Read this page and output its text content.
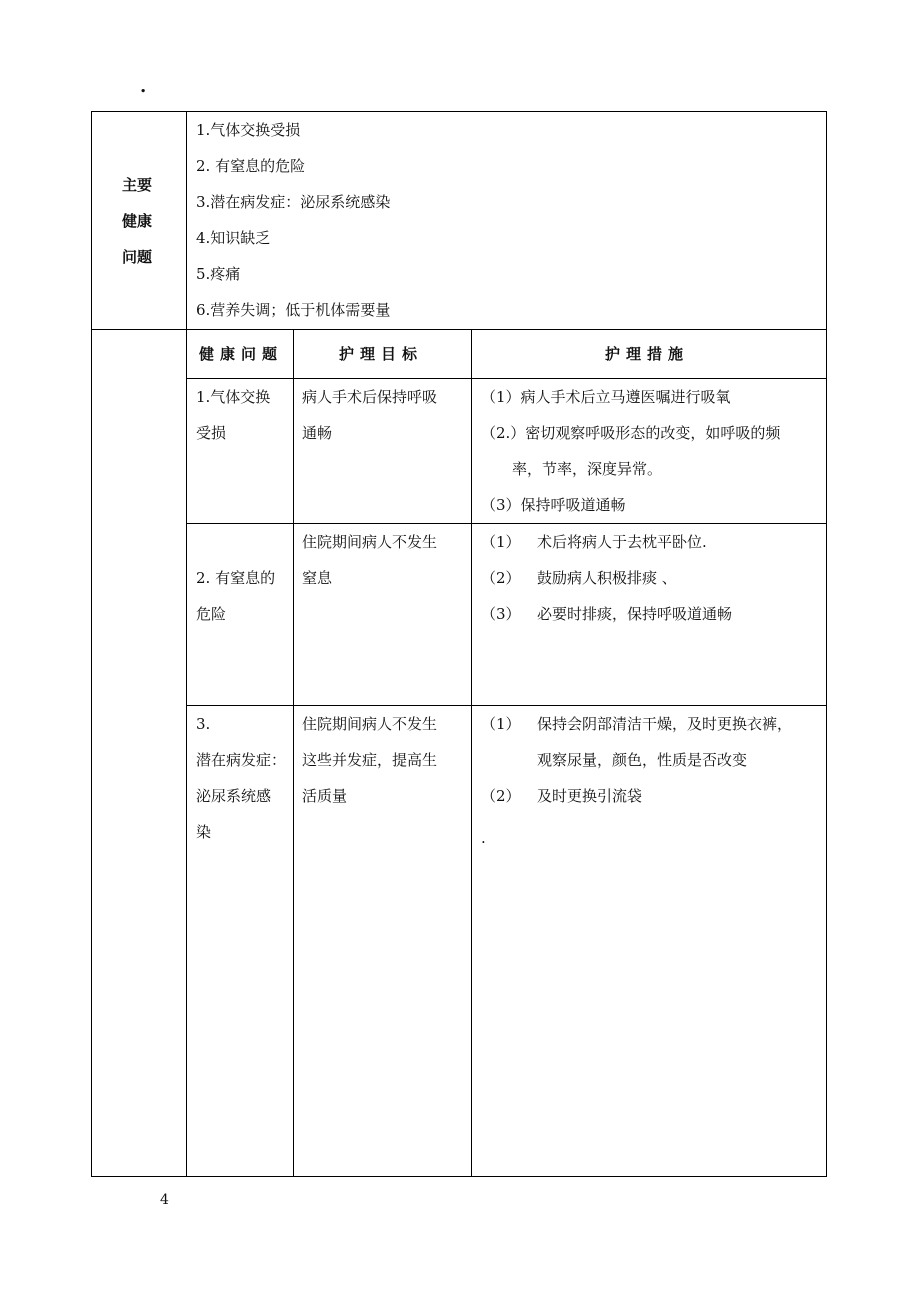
.
主要
健康
问题
1.气体交换受损
2. 有窒息的危险
3.潜在病发症：泌尿系统感染
4.知识缺乏
5.疼痛
6.营养失调；低于机体需要量
健康问题	护理目标	护理措施
1.气体交换
受损
病人手术后保持呼吸
通畅
（1）病人手术后立马遵医嘱进行吸氧
（2.）密切观察呼吸形态的改变，如呼吸的频
率，节率，深度异常。
（3）保持呼吸道通畅
2. 有窒息的
危险
住院期间病人不发生
窒息
（1） 术后将病人于去枕平卧位.
（2） 鼓励病人积极排痰 、
（3） 必要时排痰，保持呼吸道通畅
3.
潜在病发症：
泌尿系统感
染
住院期间病人不发生
这些并发症，提高生
活质量
（1） 保持会阴部清洁干燥，及时更换衣裤，
观察尿量，颜色，性质是否改变
（2） 及时更换引流袋
.
4
